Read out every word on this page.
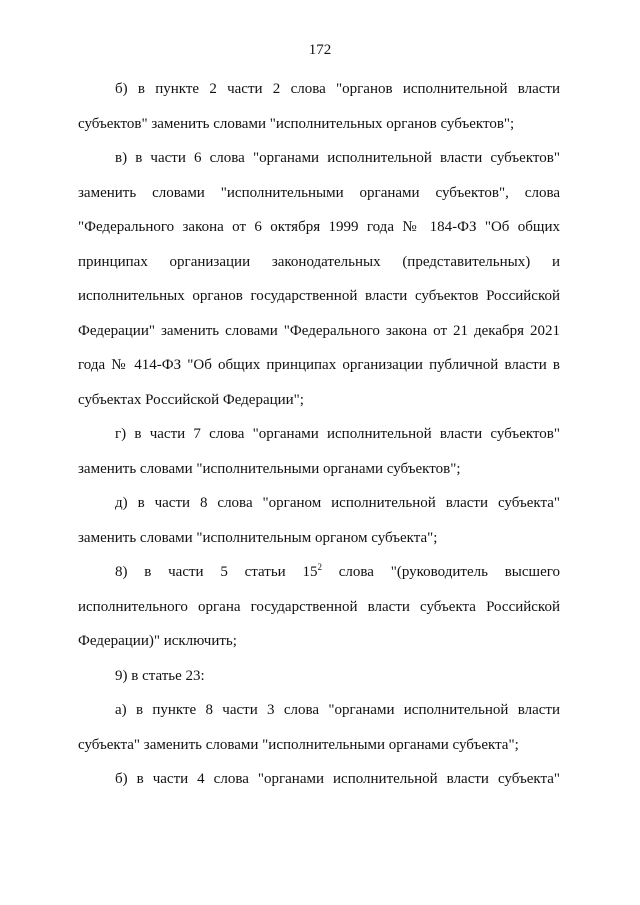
172

б) в пункте 2 части 2 слова "органов исполнительной власти субъектов" заменить словами "исполнительных органов субъектов";

в) в части 6 слова "органами исполнительной власти субъектов" заменить словами "исполнительными органами субъектов", слова "Федерального закона от 6 октября 1999 года № 184-ФЗ "Об общих принципах организации законодательных (представительных) и исполнительных органов государственной власти субъектов Российской Федерации" заменить словами "Федерального закона от 21 декабря 2021 года № 414-ФЗ "Об общих принципах организации публичной власти в субъектах Российской Федерации";

г) в части 7 слова "органами исполнительной власти субъектов" заменить словами "исполнительными органами субъектов";

д) в части 8 слова "органом исполнительной власти субъекта" заменить словами "исполнительным органом субъекта";

8) в части 5 статьи $15^2$ слова "(руководитель высшего исполнительного органа государственной власти субъекта Российской Федерации)" исключить;

9) в статье 23:

а) в пункте 8 части 3 слова "органами исполнительной власти субъекта" заменить словами "исполнительными органами субъекта";

б) в части 4 слова "органами исполнительной власти субъекта"
